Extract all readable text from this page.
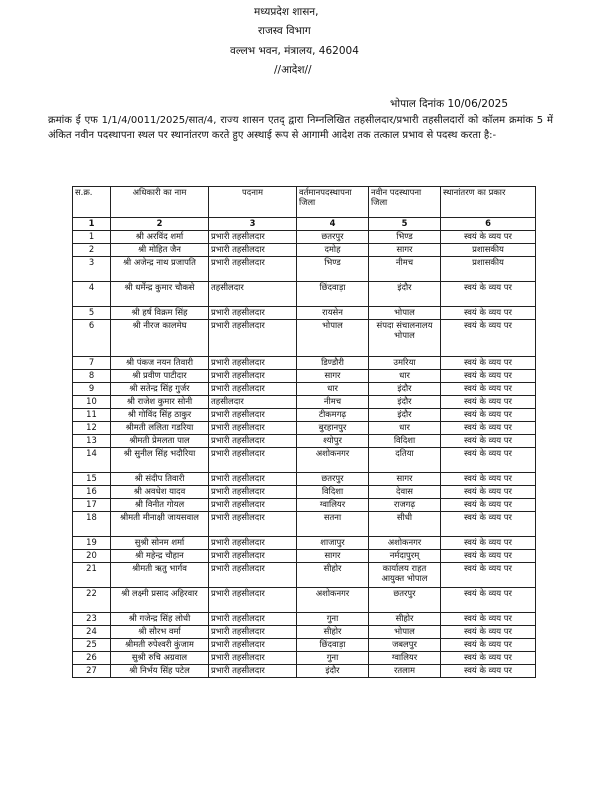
मध्यप्रदेश शासन,
राजस्व विभाग
वल्लभ भवन, मंत्रालय, 462004
//आदेश//
भोपाल दिनांक 10/06/2025
क्रमांक ई एफ 1/1/4/0011/2025/सात/4, राज्य शासन एतद् द्वारा निम्नलिखित तहसीलदार/प्रभारी तहसीलदारों को कॉलम क्रमांक 5 में अंकित नवीन पदस्थापना स्थल पर स्थानांतरण करते हुए अस्थाई रूप से आगामी आदेश तक तत्काल प्रभाव से पदस्थ करता है:-
स.क्र.	अधिकारी का नाम	पदनाम	वर्तमानपदस्थापना जिला	नवीन पदस्थापना जिला	स्थानांतरण का प्रकार
1	2	3	4	5	6
1	श्री अरविंद शर्मा	प्रभारी तहसीलदार	छतरपुर	भिण्ड	स्वयं के व्यय पर
2	श्री मोहित जैन	प्रभारी तहसीलदार	दमोह	सागर	प्रशासकीय
3	श्री अजेन्द्र नाथ प्रजापति	प्रभारी तहसीलदार	भिण्ड	नीमच	प्रशासकीय
4	श्री धर्मेन्द्र कुमार चौकसे	तहसीलदार	छिंदवाड़ा	इंदौर	स्वयं के व्यय पर
5	श्री हर्ष विक्रम सिंह	प्रभारी तहसीलदार	रायसेन	भोपाल	स्वयं के व्यय पर
6	श्री नीरज कालमेघ	प्रभारी तहसीलदार	भोपाल	संपदा संचालनालय भोपाल	स्वयं के व्यय पर
7	श्री पंकज नयन तिवारी	प्रभारी तहसीलदार	डिण्डौरी	उमरिया	स्वयं के व्यय पर
8	श्री प्रवीण पाटीदार	प्रभारी तहसीलदार	सागर	धार	स्वयं के व्यय पर
9	श्री सतेन्द्र सिंह गुर्जर	प्रभारी तहसीलदार	धार	इंदौर	स्वयं के व्यय पर
10	श्री राजेश कुमार सोनी	तहसीलदार	नीमच	इंदौर	स्वयं के व्यय पर
11	श्री गोविंद सिंह ठाकुर	प्रभारी तहसीलदार	टीकमगढ़	इंदौर	स्वयं के व्यय पर
12	श्रीमती ललिता गडरिया	प्रभारी तहसीलदार	बुरहानपुर	धार	स्वयं के व्यय पर
13	श्रीमती प्रेमलता पाल	प्रभारी तहसीलदार	श्योपुर	विदिशा	स्वयं के व्यय पर
14	श्री सुनील सिंह भदौरिया	प्रभारी तहसीलदार	अशोकनगर	दतिया	स्वयं के व्यय पर
15	श्री संदीप तिवारी	प्रभारी तहसीलदार	छतरपुर	सागर	स्वयं के व्यय पर
16	श्री अवधेश यादव	प्रभारी तहसीलदार	विदिशा	देवास	स्वयं के व्यय पर
17	श्री विनीत गोयल	प्रभारी तहसीलदार	ग्वालियर	राजगढ़	स्वयं के व्यय पर
18	श्रीमती मीनाक्षी जायसवाल	प्रभारी तहसीलदार	सतना	सीधी	स्वयं के व्यय पर
19	सुश्री सोनम शर्मा	प्रभारी तहसीलदार	शाजापुर	अशोकनगर	स्वयं के व्यय पर
20	श्री महेन्द्र चौहान	प्रभारी तहसीलदार	सागर	नर्मदापुरम्	स्वयं के व्यय पर
21	श्रीमती ऋतु भार्गव	प्रभारी तहसीलदार	सीहोर	कार्यालय राहत आयुक्त भोपाल	स्वयं के व्यय पर
22	श्री लक्ष्मी प्रसाद अहिरवार	प्रभारी तहसीलदार	अशोकनगर	छतरपुर	स्वयं के व्यय पर
23	श्री गजेन्द्र सिंह लोधी	प्रभारी तहसीलदार	गुना	सीहोर	स्वयं के व्यय पर
24	श्री सौरभ वर्मा	प्रभारी तहसीलदार	सीहोर	भोपाल	स्वयं के व्यय पर
25	श्रीमती रुपेश्वरी कुंजाम	प्रभारी तहसीलदार	छिंदवाड़ा	जबलपुर	स्वयं के व्यय पर
26	सुश्री रुचि अग्रवाल	प्रभारी तहसीलदार	गुना	ग्वालियर	स्वयं के व्यय पर
27	श्री निर्भय सिंह पटेल	प्रभारी तहसीलदार	इंदौर	रतलाम	स्वयं के व्यय पर
